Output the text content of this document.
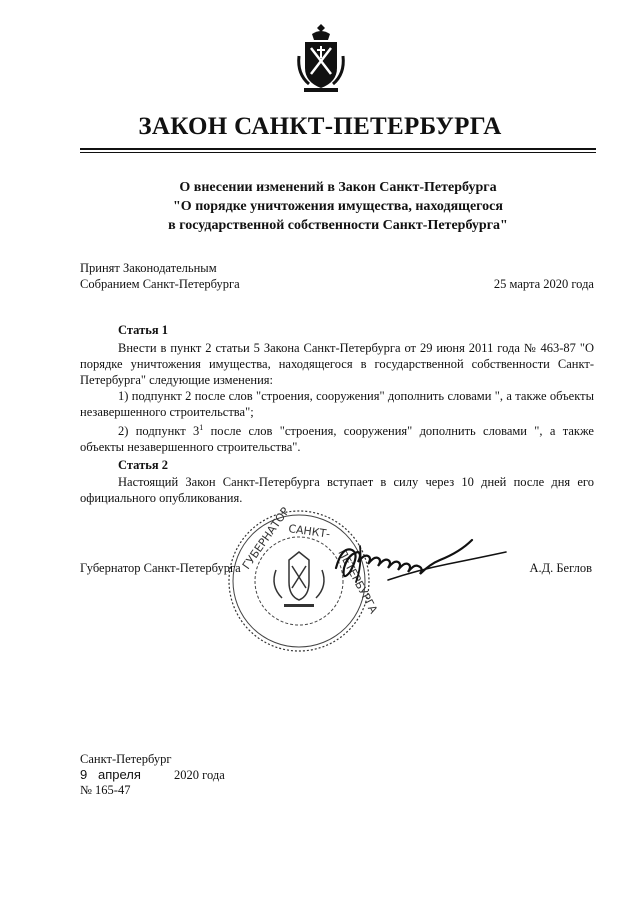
ЗАКОН САНКТ-ПЕТЕРБУРГА
О внесении изменений в Закон Санкт-Петербурга
"О порядке уничтожения имущества, находящегося
в государственной собственности Санкт-Петербурга"
Принят Законодательным
Собранием Санкт-Петербурга	25 марта 2020 года
Статья 1

Внести в пункт 2 статьи 5 Закона Санкт-Петербурга от 29 июня 2011 года № 463-87 "О порядке уничтожения имущества, находящегося в государственной собственности Санкт-Петербурга" следующие изменения:

1) подпункт 2 после слов "строения, сооружения" дополнить словами ", а также объекты незавершенного строительства";

2) подпункт $3^1$ после слов "строения, сооружения" дополнить словами ", а также объекты незавершенного строительства".

Статья 2

Настоящий Закон Санкт-Петербурга вступает в силу через 10 дней после дня его официального опубликования.

ГУБЕРНАТОР
САНКТ-
ПЕТЕРБУРГА
Губернатор Санкт-Петербурга	А.Д. Беглов
Санкт-Петербург
9 апреля	2020 года
№ 165-47
